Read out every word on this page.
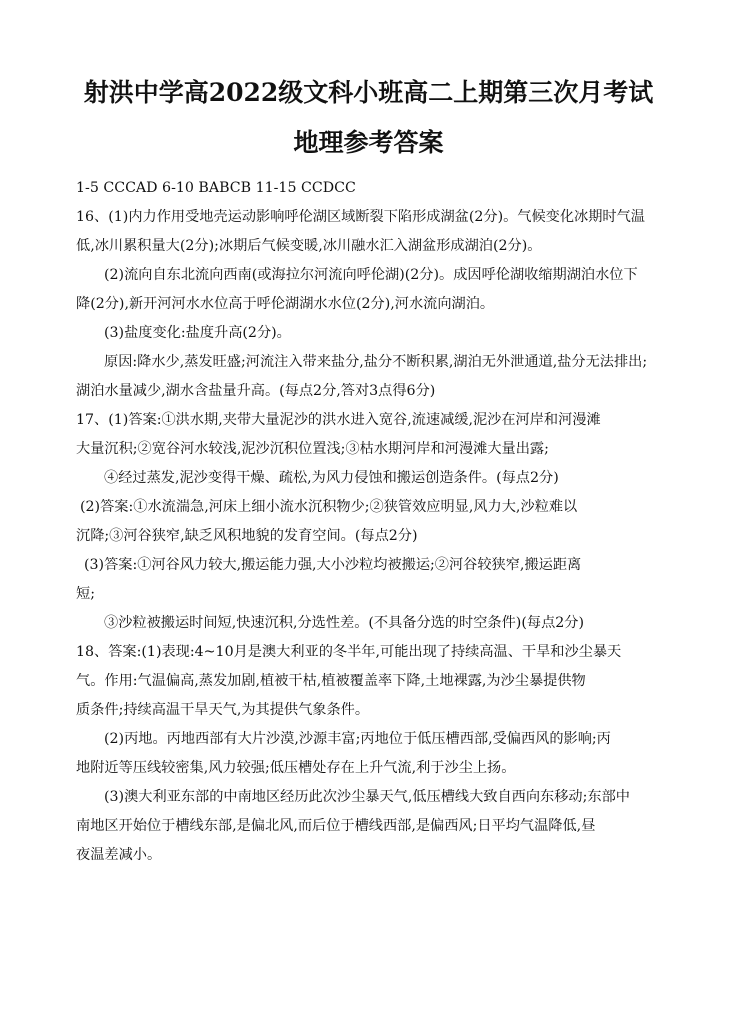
射洪中学高2022级文科小班高二上期第三次月考试
地理参考答案
1-5 CCCAD 6-10 BABCB 11-15 CCDCC
16、(1)内力作用受地壳运动影响呼伦湖区域断裂下陷形成湖盆(2分)。气候变化冰期时气温
低,冰川累积量大(2分);冰期后气候变暖,冰川融水汇入湖盆形成湖泊(2分)。
(2)流向自东北流向西南(或海拉尔河流向呼伦湖)(2分)。成因呼伦湖收缩期湖泊水位下
降(2分),新开河河水水位高于呼伦湖湖水水位(2分),河水流向湖泊。
(3)盐度变化:盐度升高(2分)。
原因:降水少,蒸发旺盛;河流注入带来盐分,盐分不断积累,湖泊无外泄通道,盐分无法排出;
湖泊水量减少,湖水含盐量升高。(每点2分,答对3点得6分)
17、(1)答案:①洪水期,夹带大量泥沙的洪水进入宽谷,流速减缓,泥沙在河岸和河漫滩
大量沉积;②宽谷河水较浅,泥沙沉积位置浅;③枯水期河岸和河漫滩大量出露;
④经过蒸发,泥沙变得干燥、疏松,为风力侵蚀和搬运创造条件。(每点2分)
(2)答案:①水流湍急,河床上细小流水沉积物少;②狭管效应明显,风力大,沙粒难以
沉降;③河谷狭窄,缺乏风积地貌的发育空间。(每点2分)
(3)答案:①河谷风力较大,搬运能力强,大小沙粒均被搬运;②河谷较狭窄,搬运距离
短;
③沙粒被搬运时间短,快速沉积,分选性差。(不具备分选的时空条件)(每点2分)
18、答案:(1)表现:4~10月是澳大利亚的冬半年,可能出现了持续高温、干旱和沙尘暴天
气。作用:气温偏高,蒸发加剧,植被干枯,植被覆盖率下降,土地裸露,为沙尘暴提供物
质条件;持续高温干旱天气,为其提供气象条件。
(2)丙地。丙地西部有大片沙漠,沙源丰富;丙地位于低压槽西部,受偏西风的影响;丙
地附近等压线较密集,风力较强;低压槽处存在上升气流,利于沙尘上扬。
(3)澳大利亚东部的中南地区经历此次沙尘暴天气,低压槽线大致自西向东移动;东部中
南地区开始位于槽线东部,是偏北风,而后位于槽线西部,是偏西风;日平均气温降低,昼
夜温差减小。
